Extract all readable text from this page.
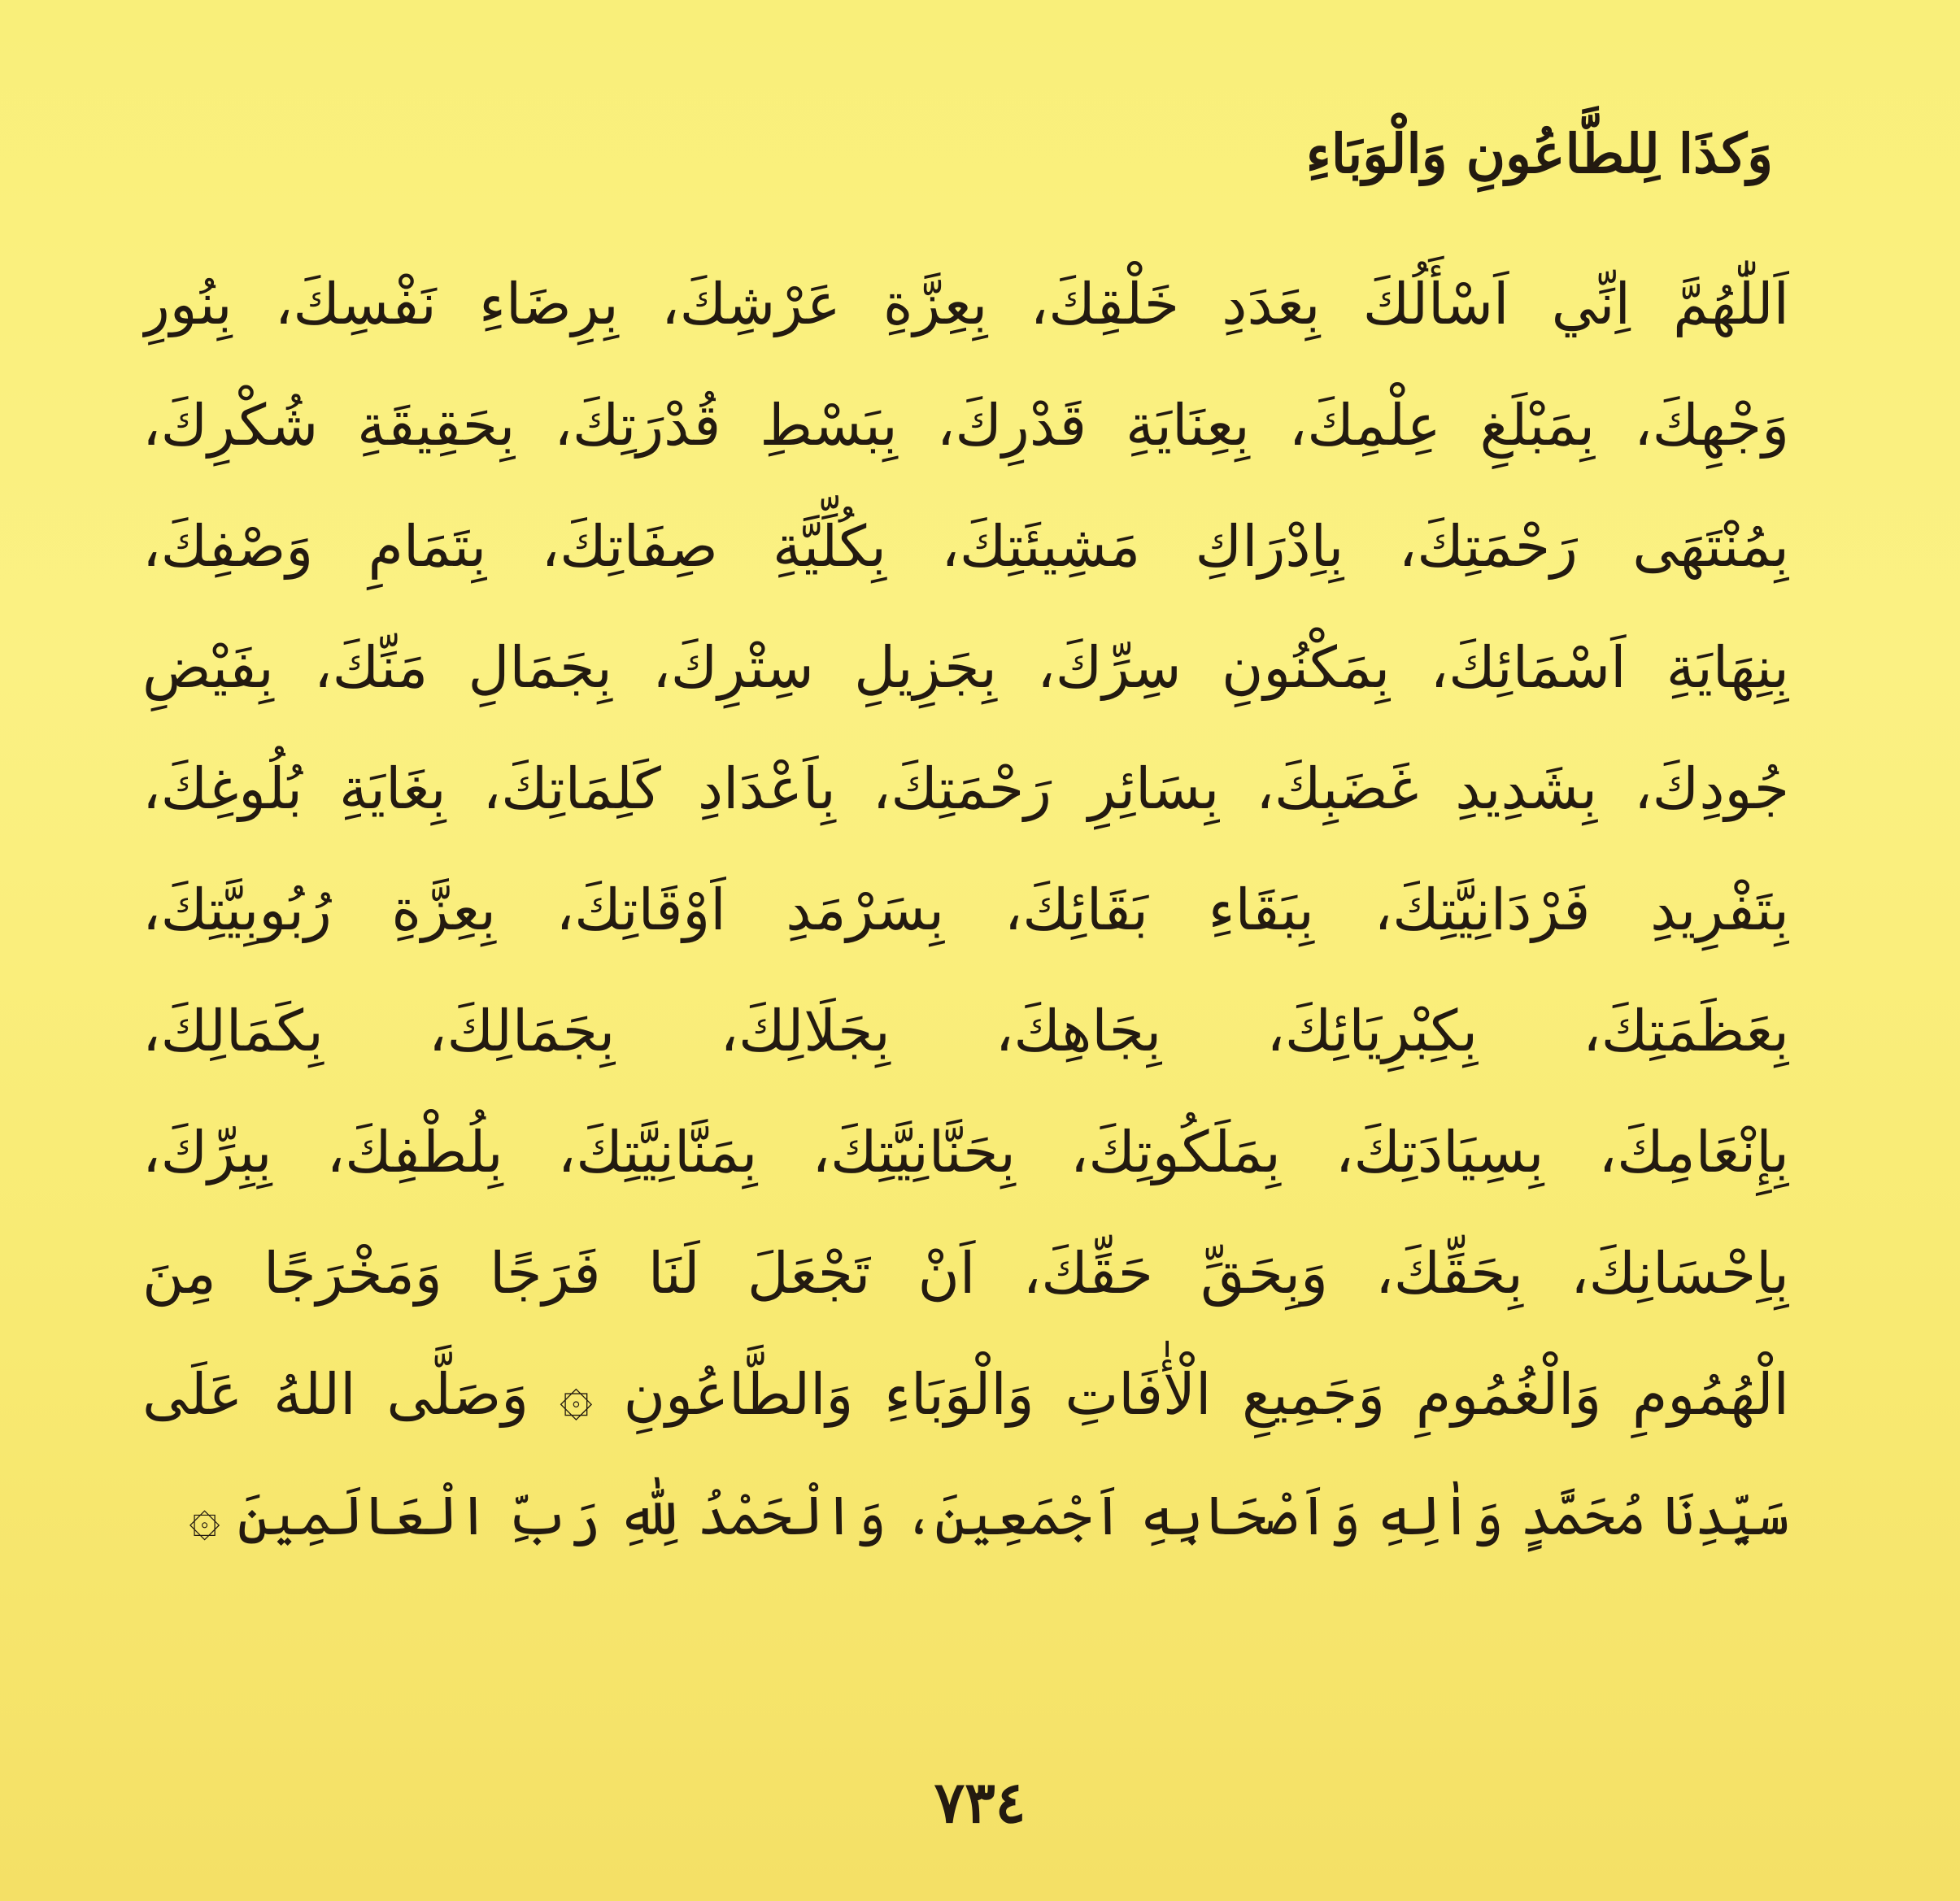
وَكذَا لِلطَّاعُونِ وَالْوَبَاءِ
اَللّٰهُمَّ اِنِّي اَسْأَلُكَ بِعَدَدِ خَلْقِكَ، بِعِزَّةِ عَرْشِكَ، بِرِضَاءِ نَفْسِكَ، بِنُورِ
وَجْهِكَ، بِمَبْلَغِ عِلْمِكَ، بِعِنَايَةِ قَدْرِكَ، بِبَسْطِ قُدْرَتِكَ، بِحَقِيقَةِ شُكْرِكَ،
بِمُنْتَهَى رَحْمَتِكَ، بِاِدْرَاكِ مَشِيئَتِكَ، بِكُلِّيَّةِ صِفَاتِكَ، بِتَمَامِ وَصْفِكَ،
بِنِهَايَةِ اَسْمَائِكَ، بِمَكْنُونِ سِرِّكَ، بِجَزِيلِ سِتْرِكَ، بِجَمَالِ مَنِّكَ، بِفَيْضِ
جُودِكَ، بِشَدِيدِ غَضَبِكَ، بِسَائِرِ رَحْمَتِكَ، بِاَعْدَادِ كَلِمَاتِكَ، بِغَايَةِ بُلُوغِكَ،
بِتَفْرِيدِ فَرْدَانِيَّتِكَ، بِبَقَاءِ بَقَائِكَ، بِسَرْمَدِ اَوْقَاتِكَ، بِعِزَّةِ رُبُوبِيَّتِكَ،
بِعَظَمَتِكَ، بِكِبْرِيَائِكَ، بِجَاهِكَ، بِجَلَالِكَ، بِجَمَالِكَ، بِكَمَالِكَ،
بِإِنْعَامِكَ، بِسِيَادَتِكَ، بِمَلَكُوتِكَ، بِحَنَّانِيَّتِكَ، بِمَنَّانِيَّتِكَ، بِلُطْفِكَ، بِبِرِّكَ،
بِاِحْسَانِكَ، بِحَقِّكَ، وَبِحَقِّ حَقِّكَ، اَنْ تَجْعَلَ لَنَا فَرَجًا وَمَخْرَجًا مِنَ
الْهُمُومِ وَالْغُمُومِ وَجَمِيعِ الْأٰفَاتِ وَالْوَبَاءِ وَالطَّاعُونِ ۞ وَصَلَّى اللهُ عَلَى
سَيِّدِنَا مُحَمَّدٍ وَاٰلِهِ وَاَصْحَابِهِ اَجْمَعِينَ، وَالْحَمْدُ لِلّٰهِ رَبِّ الْعَالَمِينَ ۞
٧٣٤
